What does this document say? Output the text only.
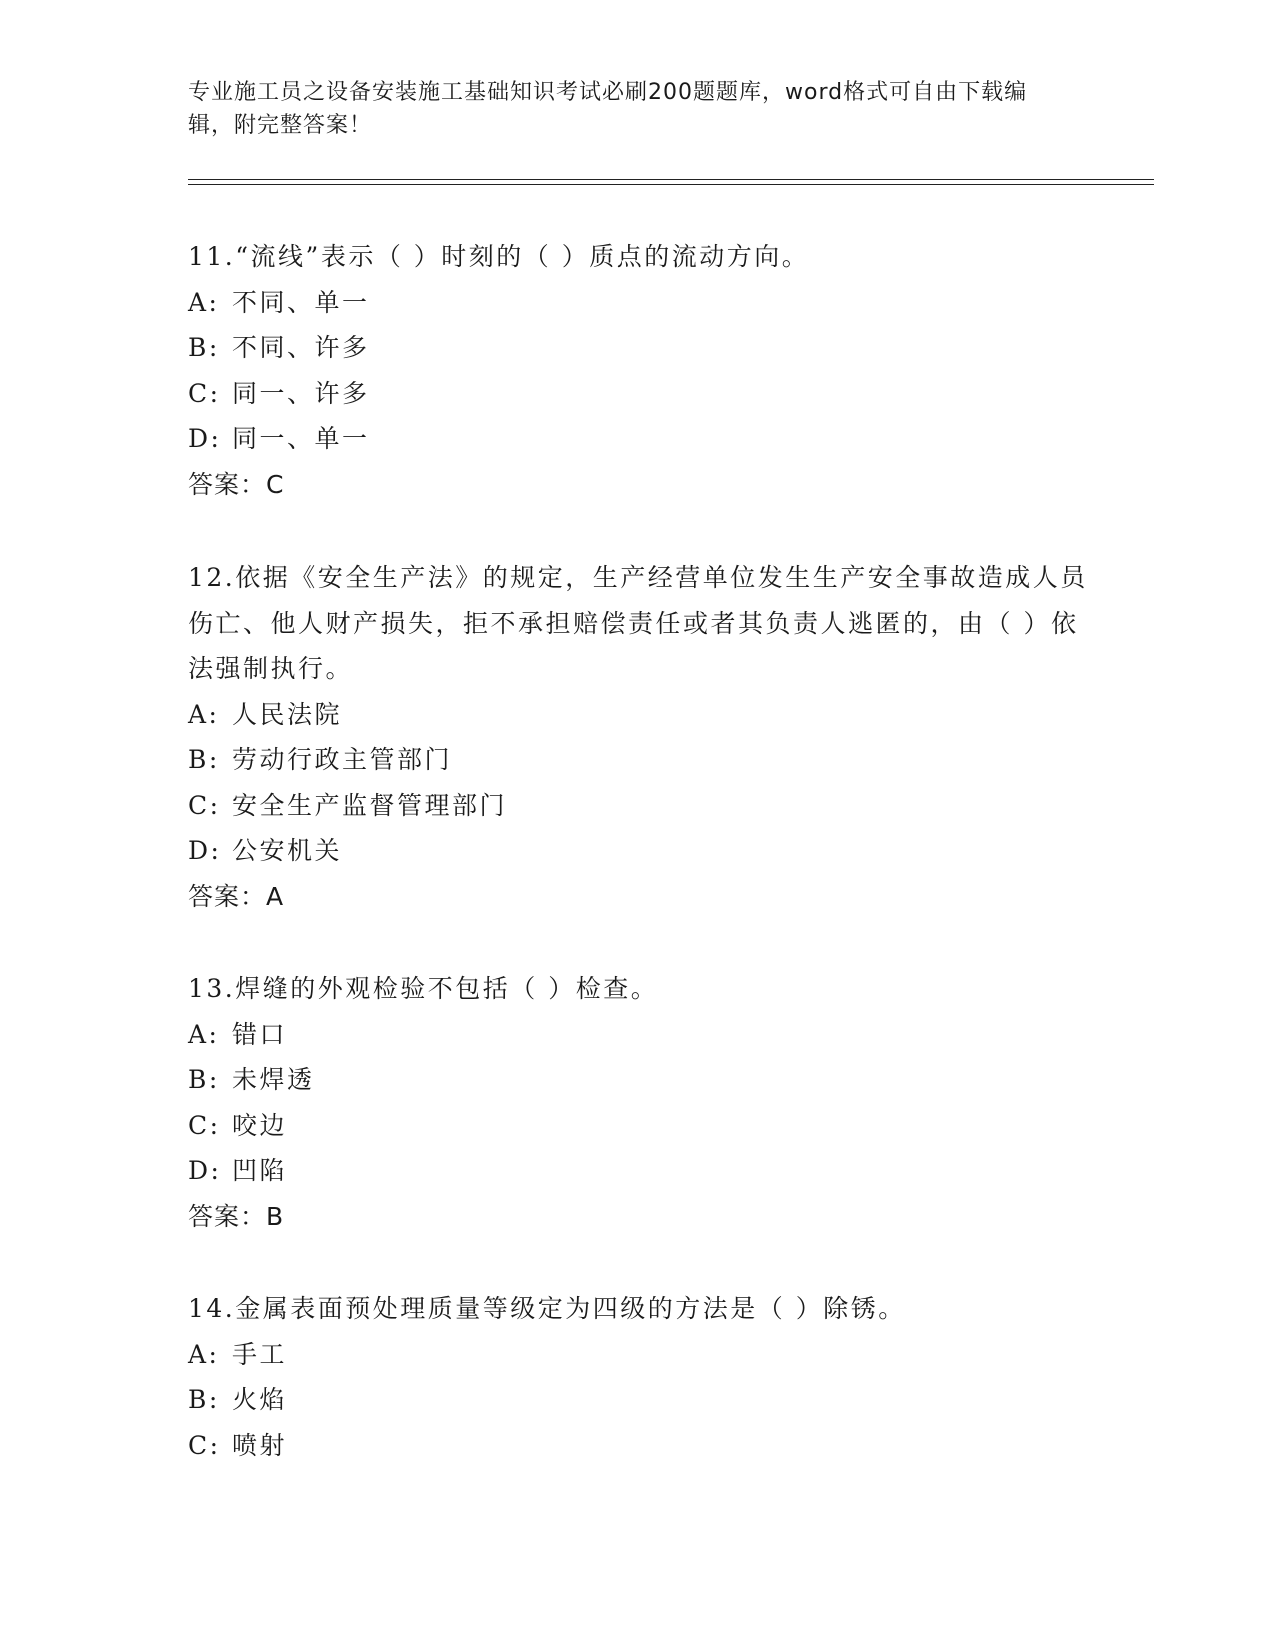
专业施工员之设备安装施工基础知识考试必刷200题题库，word格式可自由下载编辑，附完整答案！

11.“流线”表示（ ）时刻的（ ）质点的流动方向。

A: 不同、单一

B: 不同、许多

C: 同一、许多

D: 同一、单一

答案：C

12.依据《安全生产法》的规定，生产经营单位发生生产安全事故造成人员伤亡、他人财产损失，拒不承担赔偿责任或者其负责人逃匿的，由（ ）依法强制执行。

A: 人民法院

B: 劳动行政主管部门

C: 安全生产监督管理部门

D: 公安机关

答案：A

13.焊缝的外观检验不包括（ ）检查。

A: 错口

B: 未焊透

C: 咬边

D: 凹陷

答案：B

14.金属表面预处理质量等级定为四级的方法是（ ）除锈。

A: 手工

B: 火焰

C: 喷射
